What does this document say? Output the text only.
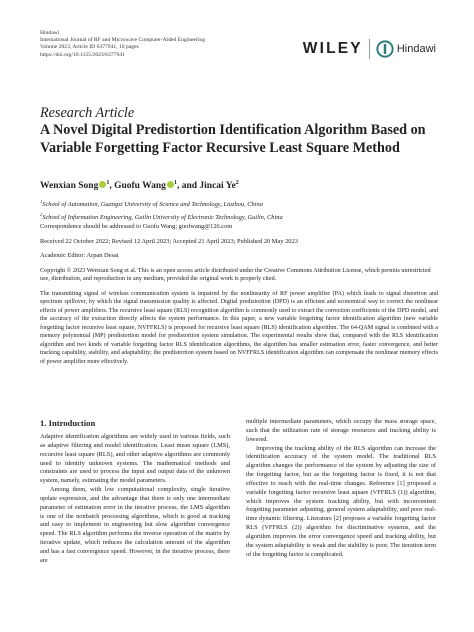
Hindawi
International Journal of RF and Microwave Computer-Aided Engineering
Volume 2023, Article ID 6377941, 10 pages
https://doi.org/10.1155/2023/6377941	WILEY	Hindawi
Research Article
A Novel Digital Predistortion Identification Algorithm Based on Variable Forgetting Factor Recursive Least Square Method
Wenxian Song $^1$, Guofu Wang $^1$, and Jincai Ye$^2$
$^1$School of Automation, Guangxi University of Science and Technology, Liuzhou, China
$^2$School of Information Engineering, Guilin University of Electronic Technology, Guilin, China
Correspondence should be addressed to Guofu Wang; guofwang@126.com
Received 22 October 2022; Revised 12 April 2023; Accepted 21 April 2023; Published 20 May 2023
Academic Editor: Arpan Desai
Copyright © 2023 Wenxian Song et al. This is an open access article distributed under the Creative Commons Attribution License, which permits unrestricted use, distribution, and reproduction in any medium, provided the original work is properly cited.
The transmitting signal of wireless communication system is impaired by the nonlinearity of RF power amplifier (PA) which leads to signal distortion and spectrum spillover, by which the signal transmission quality is affected. Digital predistortion (DPD) is an efficient and economical way to correct the nonlinear effects of power amplifiers. The recursive least square (RLS) recognition algorithm is commonly used to extract the correction coefficients of the DPD model, and the accuracy of the extraction directly affects the system performance. In this paper, a new variable forgetting factor identification algorithm (new variable forgetting factor recursive least square, NVFFRLS) is proposed for recursive least square (RLS) identification algorithm. The 64-QAM signal is combined with a memory polynomial (MP) predistortion model for predistortion system simulation. The experimental results show that, compared with the RLS identification algorithm and two kinds of variable forgetting factor RLS identification algorithms, the algorithm has smaller estimation error, faster convergence, and better tracking capability, stability, and adaptability; the predistortion system based on NVFFRLS identification algorithm can compensate the nonlinear memory effects of power amplifier more effectively.
1. Introduction

Adaptive identification algorithms are widely used in various fields, such as adaptive filtering and model identification. Least mean square (LMS), recursive least square (RLS), and other adaptive algorithms are commonly used to identify unknown systems. The mathematical methods and constraints are used to process the input and output data of the unknown system, namely, estimating the model parameters.

Among them, with low computational complexity, single iterative update expression, and the advantage that there is only one intermediate parameter of estimation error in the iterative process, the LMS algorithm is one of the nonbatch processing algorithms, which is good at tracking and easy to implement in engineering but slow algorithm convergence speed. The RLS algorithm performs the inverse operation of the matrix by iterative update, which reduces the calculation amount of the algorithm and has a fast convergence speed. However, in the iterative process, there are

multiple intermediate parameters, which occupy the mass storage space, such that the utilization rate of storage resources and tracking ability is lowered.

Improving the tracking ability of the RLS algorithm can increase the identification accuracy of the system model. The traditional RLS algorithm changes the performance of the system by adjusting the size of the forgetting factor, but as the forgetting factor is fixed, it is not that effective to reach with the real-time changes. Reference [1] proposed a variable forgetting factor recursive least square (VFFRLS (1)) algorithm, which improves the system tracking ability, but with inconvenient forgetting parameter adjusting, general system adaptability, and poor real-time dynamic filtering. Literature [2] proposes a variable forgetting factor RLS (VFFRLS (2)) algorithm for discriminative systems, and the algorithm improves the error convergence speed and tracking ability, but the system adaptability is weak and the stability is poor. The iteration term of the forgetting factor is complicated.
